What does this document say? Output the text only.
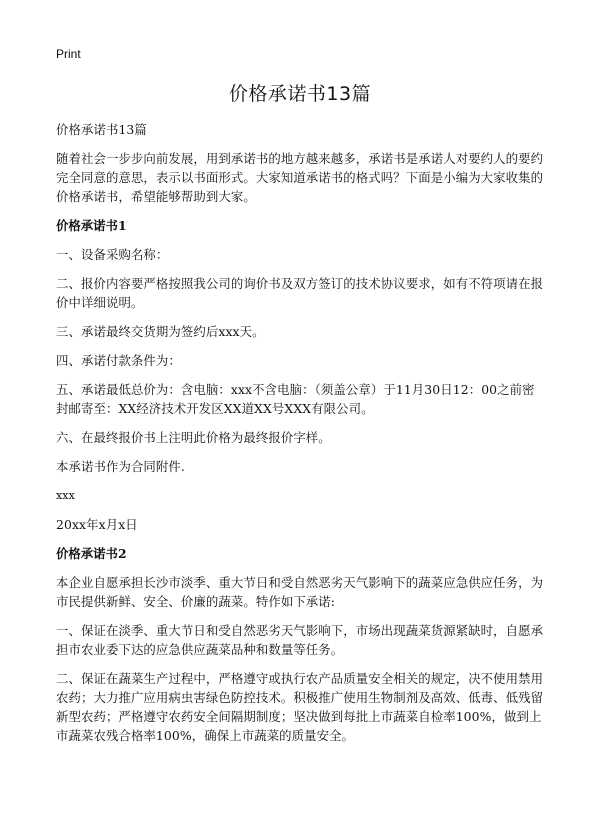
Print
价格承诺书13篇

价格承诺书13篇

随着社会一步步向前发展，用到承诺书的地方越来越多，承诺书是承诺人对要约人的要约完全同意的意思，表示以书面形式。大家知道承诺书的格式吗？下面是小编为大家收集的价格承诺书，希望能够帮助到大家。

价格承诺书1

一、设备采购名称：

二、报价内容要严格按照我公司的询价书及双方签订的技术协议要求，如有不符项请在报价中详细说明。

三、承诺最终交货期为签约后xxx天。

四、承诺付款条件为：

五、承诺最低总价为：含电脑：xxx不含电脑：（须盖公章）于11月30日12：00之前密封邮寄至：XX经济技术开发区XX道XX号XXX有限公司。

六、在最终报价书上注明此价格为最终报价字样。

本承诺书作为合同附件.

xxx

20xx年x月x日

价格承诺书2

本企业自愿承担长沙市淡季、重大节日和受自然恶劣天气影响下的蔬菜应急供应任务，为市民提供新鲜、安全、价廉的蔬菜。特作如下承诺:

一、保证在淡季、重大节日和受自然恶劣天气影响下，市场出现蔬菜货源紧缺时，自愿承担市农业委下达的应急供应蔬菜品种和数量等任务。

二、保证在蔬菜生产过程中，严格遵守或执行农产品质量安全相关的规定，决不使用禁用农药；大力推广应用病虫害绿色防控技术。积极推广使用生物制剂及高效、低毒、低残留新型农药；严格遵守农药安全间隔期制度；坚决做到每批上市蔬菜自检率100%，做到上市蔬菜农残合格率100%，确保上市蔬菜的质量安全。
